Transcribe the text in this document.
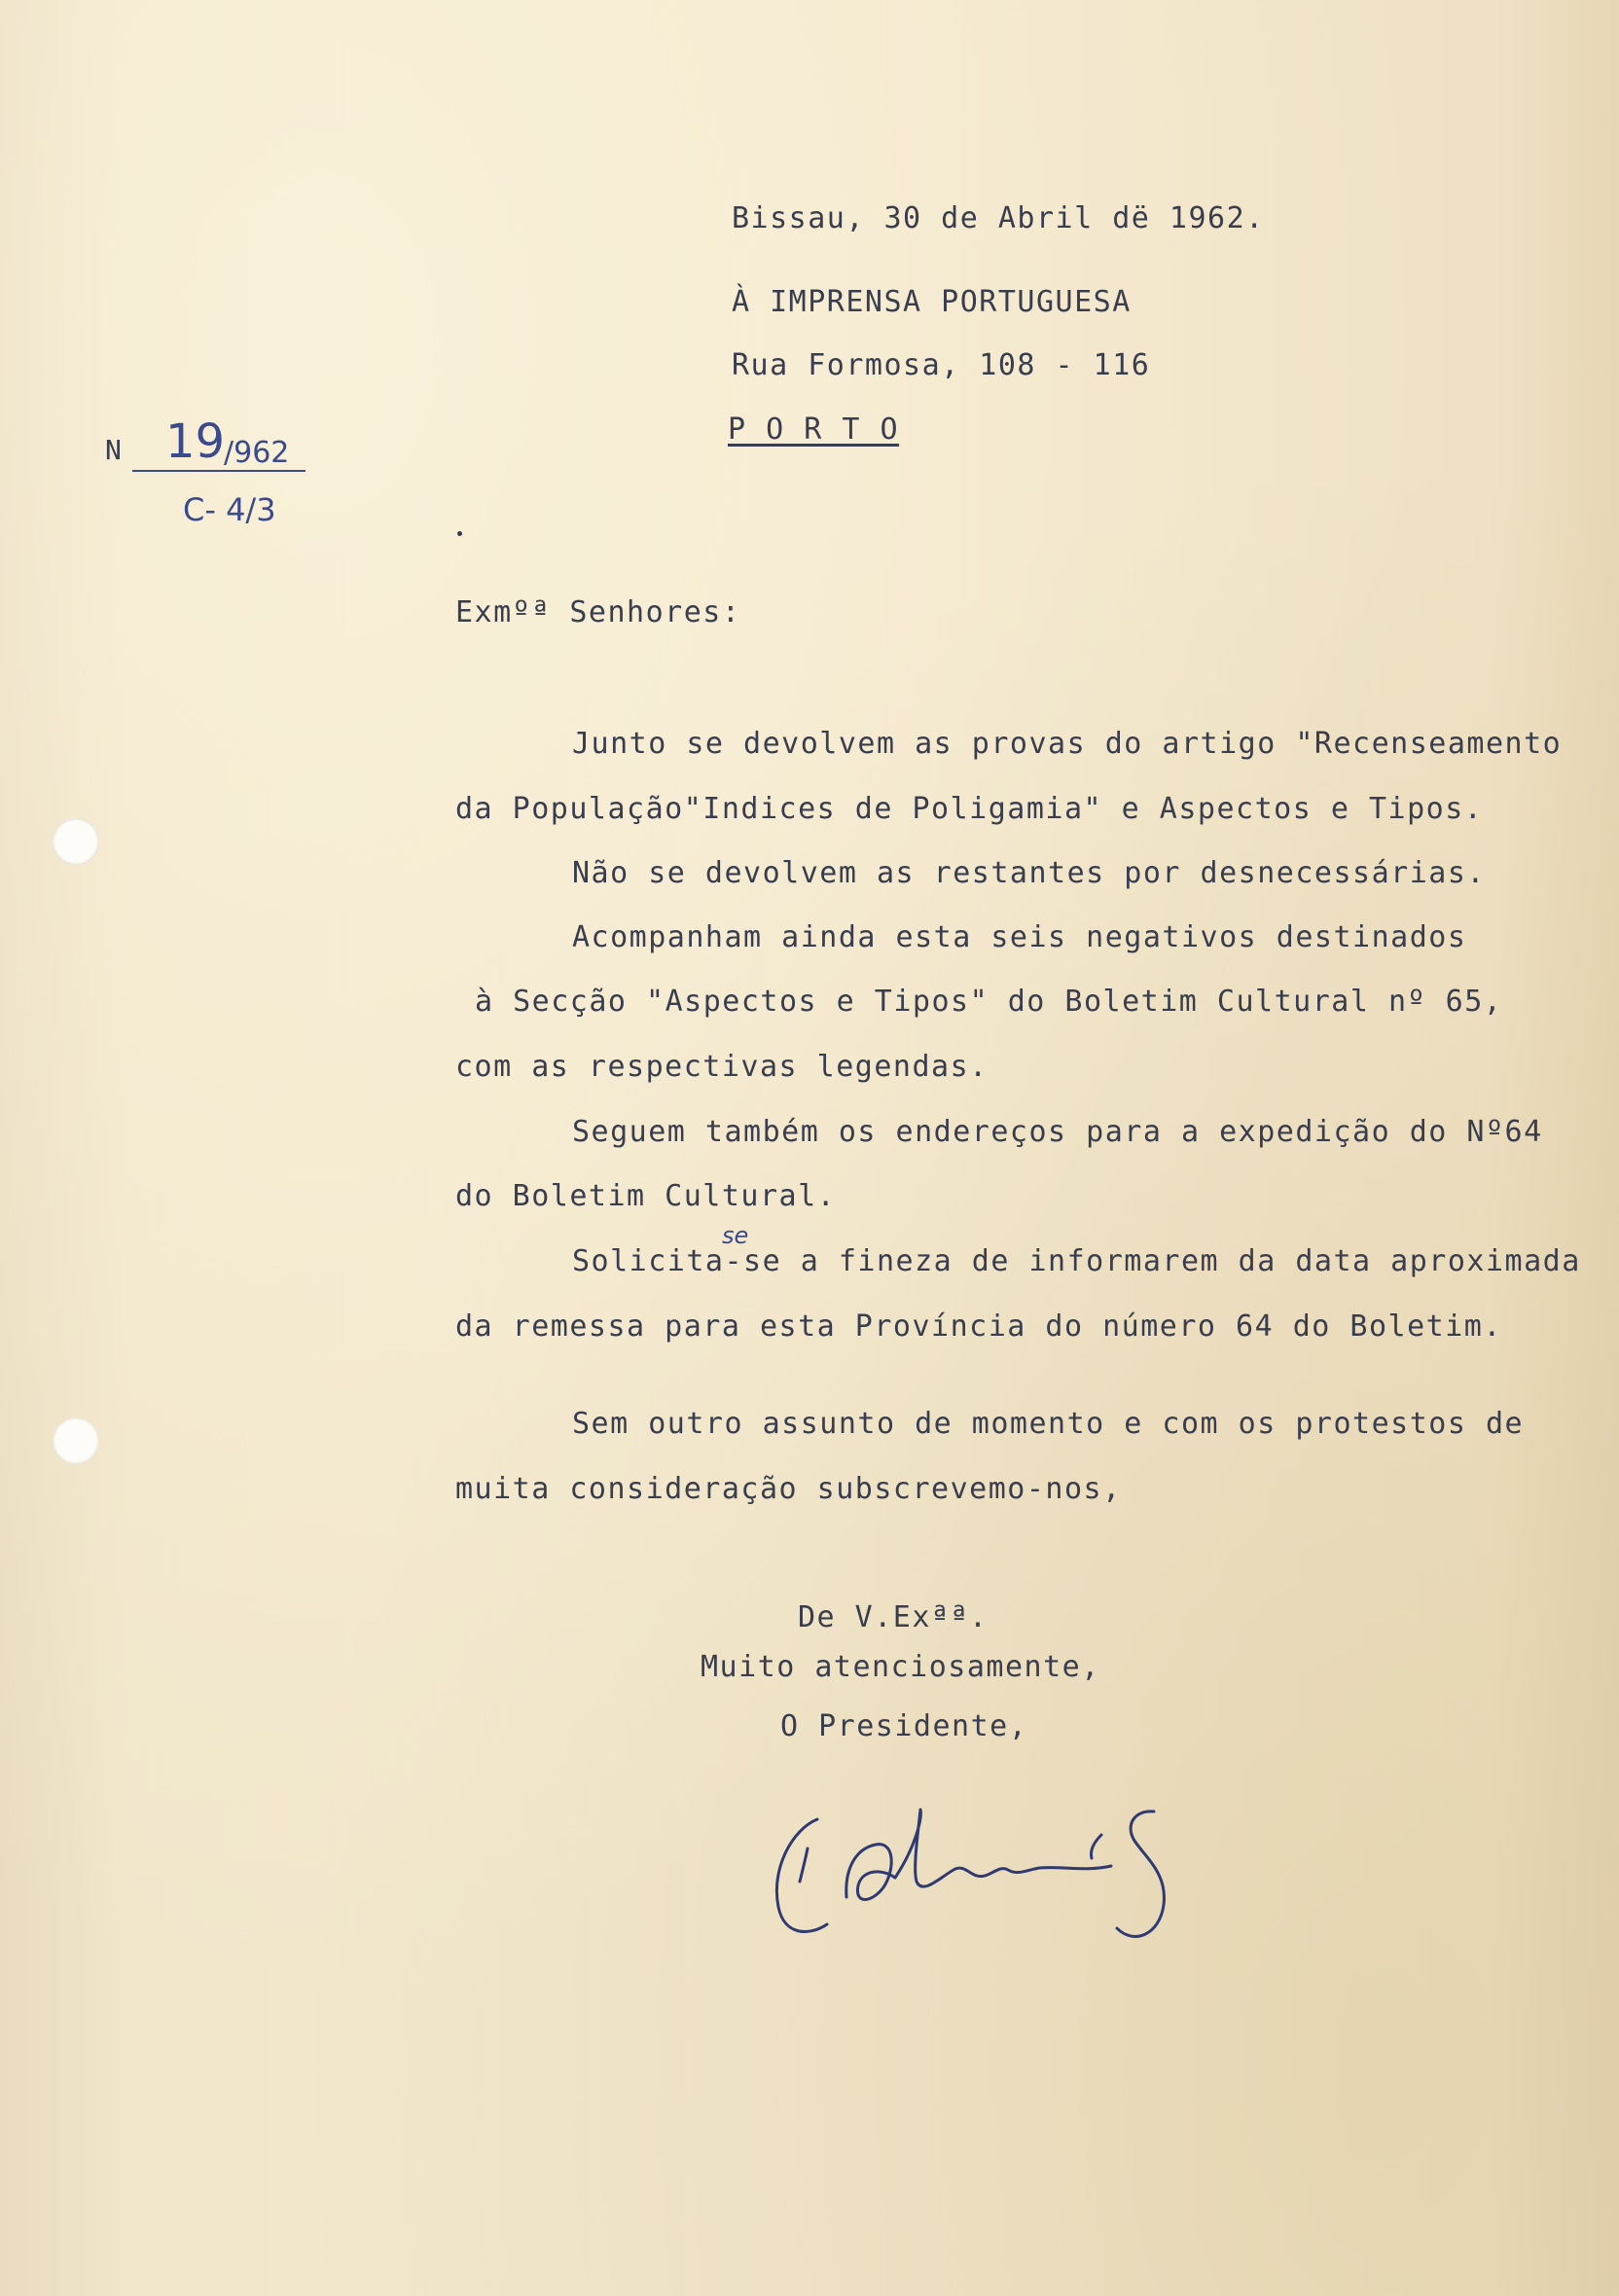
N 19
/962
C- 4/3
Bissau, 30 de Abril dë 1962.
À IMPRENSA PORTUGUESA
Rua Formosa, 108 - 116
P O R T O
Exmºª Senhores:
Junto se devolvem as provas do artigo "Recenseamento
da População"Indices de Poligamia" e Aspectos e Tipos.
Não se devolvem as restantes por desnecessárias.
Acompanham ainda esta seis negativos destinados
à Secção "Aspectos e Tipos" do Boletim Cultural nº 65,
com as respectivas legendas.
Seguem também os endereços para a expedição do Nº64
do Boletim Cultural.
Solicita-se a fineza de informarem da data aproximada
se
da remessa para esta Província do número 64 do Boletim.
Sem outro assunto de momento e com os protestos de
muita consideração subscrevemo-nos,
De V.Exªª.
Muito atenciosamente,
O Presidente,
